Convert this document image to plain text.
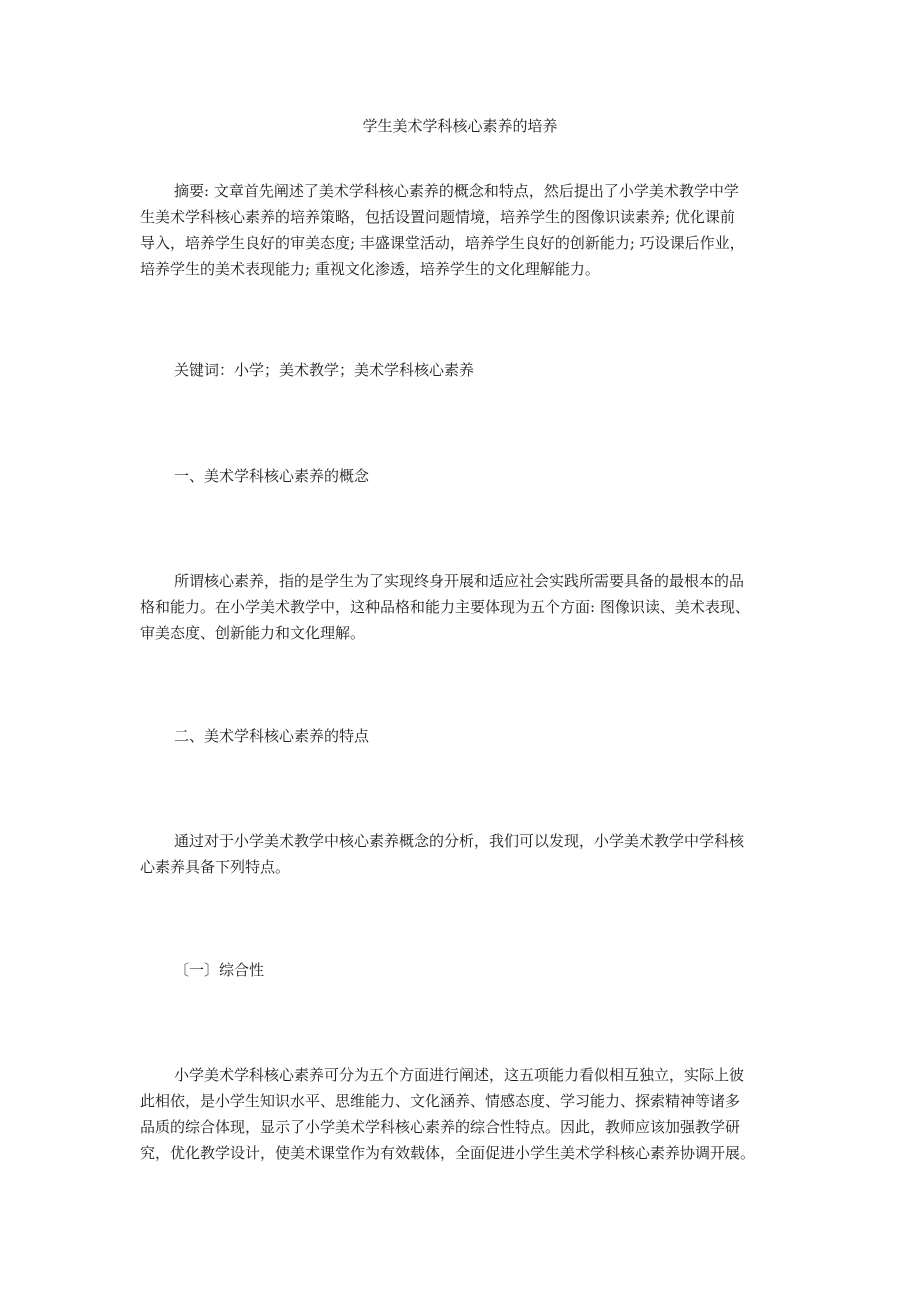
学生美术学科核心素养的培养
摘要: 文章首先阐述了美术学科核心素养的概念和特点，然后提出了小学美术教学中学
生美术学科核心素养的培养策略，包括设置问题情境，培养学生的图像识读素养; 优化课前
导入，培养学生良好的审美态度; 丰盛课堂活动，培养学生良好的创新能力; 巧设课后作业，
培养学生的美术表现能力; 重视文化渗透，培养学生的文化理解能力。
关键词：小学；美术教学；美术学科核心素养
一、美术学科核心素养的概念
所谓核心素养，指的是学生为了实现终身开展和适应社会实践所需要具备的最根本的品
格和能力。在小学美术教学中，这种品格和能力主要体现为五个方面: 图像识读、美术表现、
审美态度、创新能力和文化理解。
二、美术学科核心素养的特点
通过对于小学美术教学中核心素养概念的分析，我们可以发现，小学美术教学中学科核
心素养具备下列特点。
〔一〕综合性
小学美术学科核心素养可分为五个方面进行阐述，这五项能力看似相互独立，实际上彼
此相依，是小学生知识水平、思维能力、文化涵养、情感态度、学习能力、探索精神等诸多
品质的综合体现，显示了小学美术学科核心素养的综合性特点。因此，教师应该加强教学研
究，优化教学设计，使美术课堂作为有效载体，全面促进小学生美术学科核心素养协调开展。
